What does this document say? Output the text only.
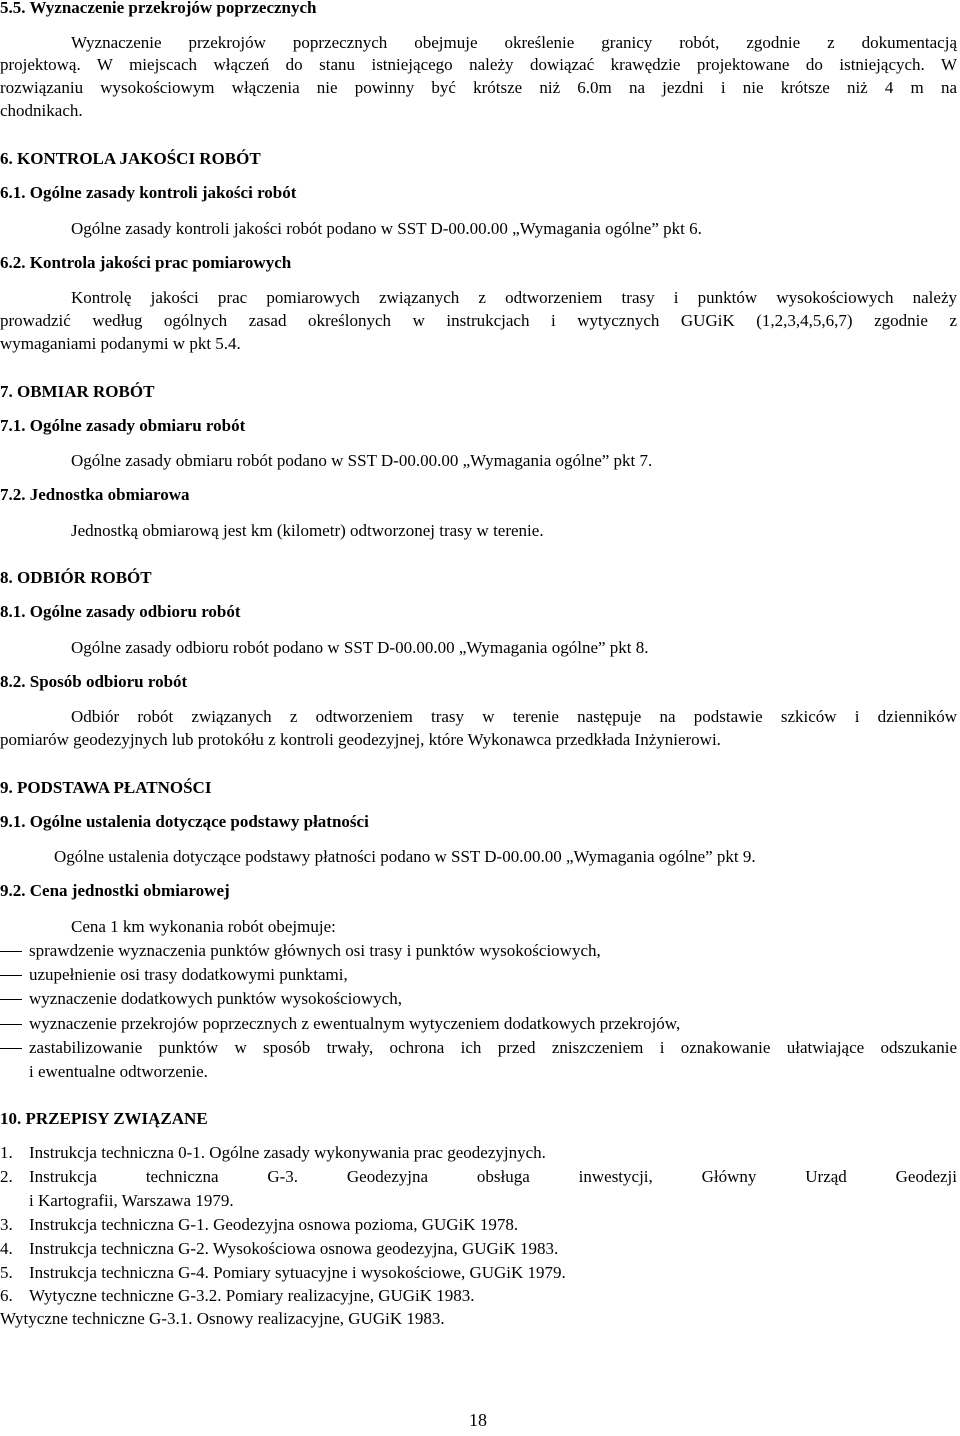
5.5. Wyznaczenie przekrojów poprzecznych
Wyznaczenie przekrojów poprzecznych obejmuje określenie granicy robót, zgodnie z dokumentacją
projektową. W miejscach włączeń do stanu istniejącego należy dowiązać krawędzie projektowane do istniejących. W
rozwiązaniu wysokościowym włączenia nie powinny być krótsze niż 6.0m na jezdni i nie krótsze niż 4 m na
chodnikach.
6. KONTROLA JAKOŚCI ROBÓT
6.1. Ogólne zasady kontroli jakości robót
Ogólne zasady kontroli jakości robót podano w SST D-00.00.00 „Wymagania ogólne” pkt 6.
6.2. Kontrola jakości prac pomiarowych
Kontrolę jakości prac pomiarowych związanych z odtworzeniem trasy i punktów wysokościowych należy
prowadzić według ogólnych zasad określonych w instrukcjach i wytycznych GUGiK (1,2,3,4,5,6,7) zgodnie z
wymaganiami podanymi w pkt 5.4.
7. OBMIAR ROBÓT
7.1. Ogólne zasady obmiaru robót
Ogólne zasady obmiaru robót podano w SST D-00.00.00 „Wymagania ogólne” pkt 7.
7.2. Jednostka obmiarowa
Jednostką obmiarową jest km (kilometr) odtworzonej trasy w terenie.
8. ODBIÓR ROBÓT
8.1. Ogólne zasady odbioru robót
Ogólne zasady odbioru robót podano w SST D-00.00.00 „Wymagania ogólne” pkt 8.
8.2. Sposób odbioru robót
Odbiór robót związanych z odtworzeniem trasy w terenie następuje na podstawie szkiców i dzienników
pomiarów geodezyjnych lub protokółu z kontroli geodezyjnej, które Wykonawca przedkłada Inżynierowi.
9. PODSTAWA PŁATNOŚCI
9.1. Ogólne ustalenia dotyczące podstawy płatności
Ogólne ustalenia dotyczące podstawy płatności podano w SST D-00.00.00 „Wymagania ogólne” pkt 9.
9.2. Cena jednostki obmiarowej
Cena 1 km wykonania robót obejmuje:
sprawdzenie wyznaczenia punktów głównych osi trasy i punktów wysokościowych,
uzupełnienie osi trasy dodatkowymi punktami,
wyznaczenie dodatkowych punktów wysokościowych,
wyznaczenie przekrojów poprzecznych z ewentualnym wytyczeniem dodatkowych przekrojów,
zastabilizowanie punktów w sposób trwały, ochrona ich przed zniszczeniem i oznakowanie ułatwiające odszukanie
i ewentualne odtworzenie.
10. PRZEPISY ZWIĄZANE
1. Instrukcja techniczna 0-1. Ogólne zasady wykonywania prac geodezyjnych.
2. Instrukcja techniczna G-3. Geodezyjna obsługa inwestycji, Główny Urząd Geodezji
i Kartografii, Warszawa 1979.
3. Instrukcja techniczna G-1. Geodezyjna osnowa pozioma, GUGiK 1978.
4. Instrukcja techniczna G-2. Wysokościowa osnowa geodezyjna, GUGiK 1983.
5. Instrukcja techniczna G-4. Pomiary sytuacyjne i wysokościowe, GUGiK 1979.
6. Wytyczne techniczne G-3.2. Pomiary realizacyjne, GUGiK 1983.
Wytyczne techniczne G-3.1. Osnowy realizacyjne, GUGiK 1983.
18
